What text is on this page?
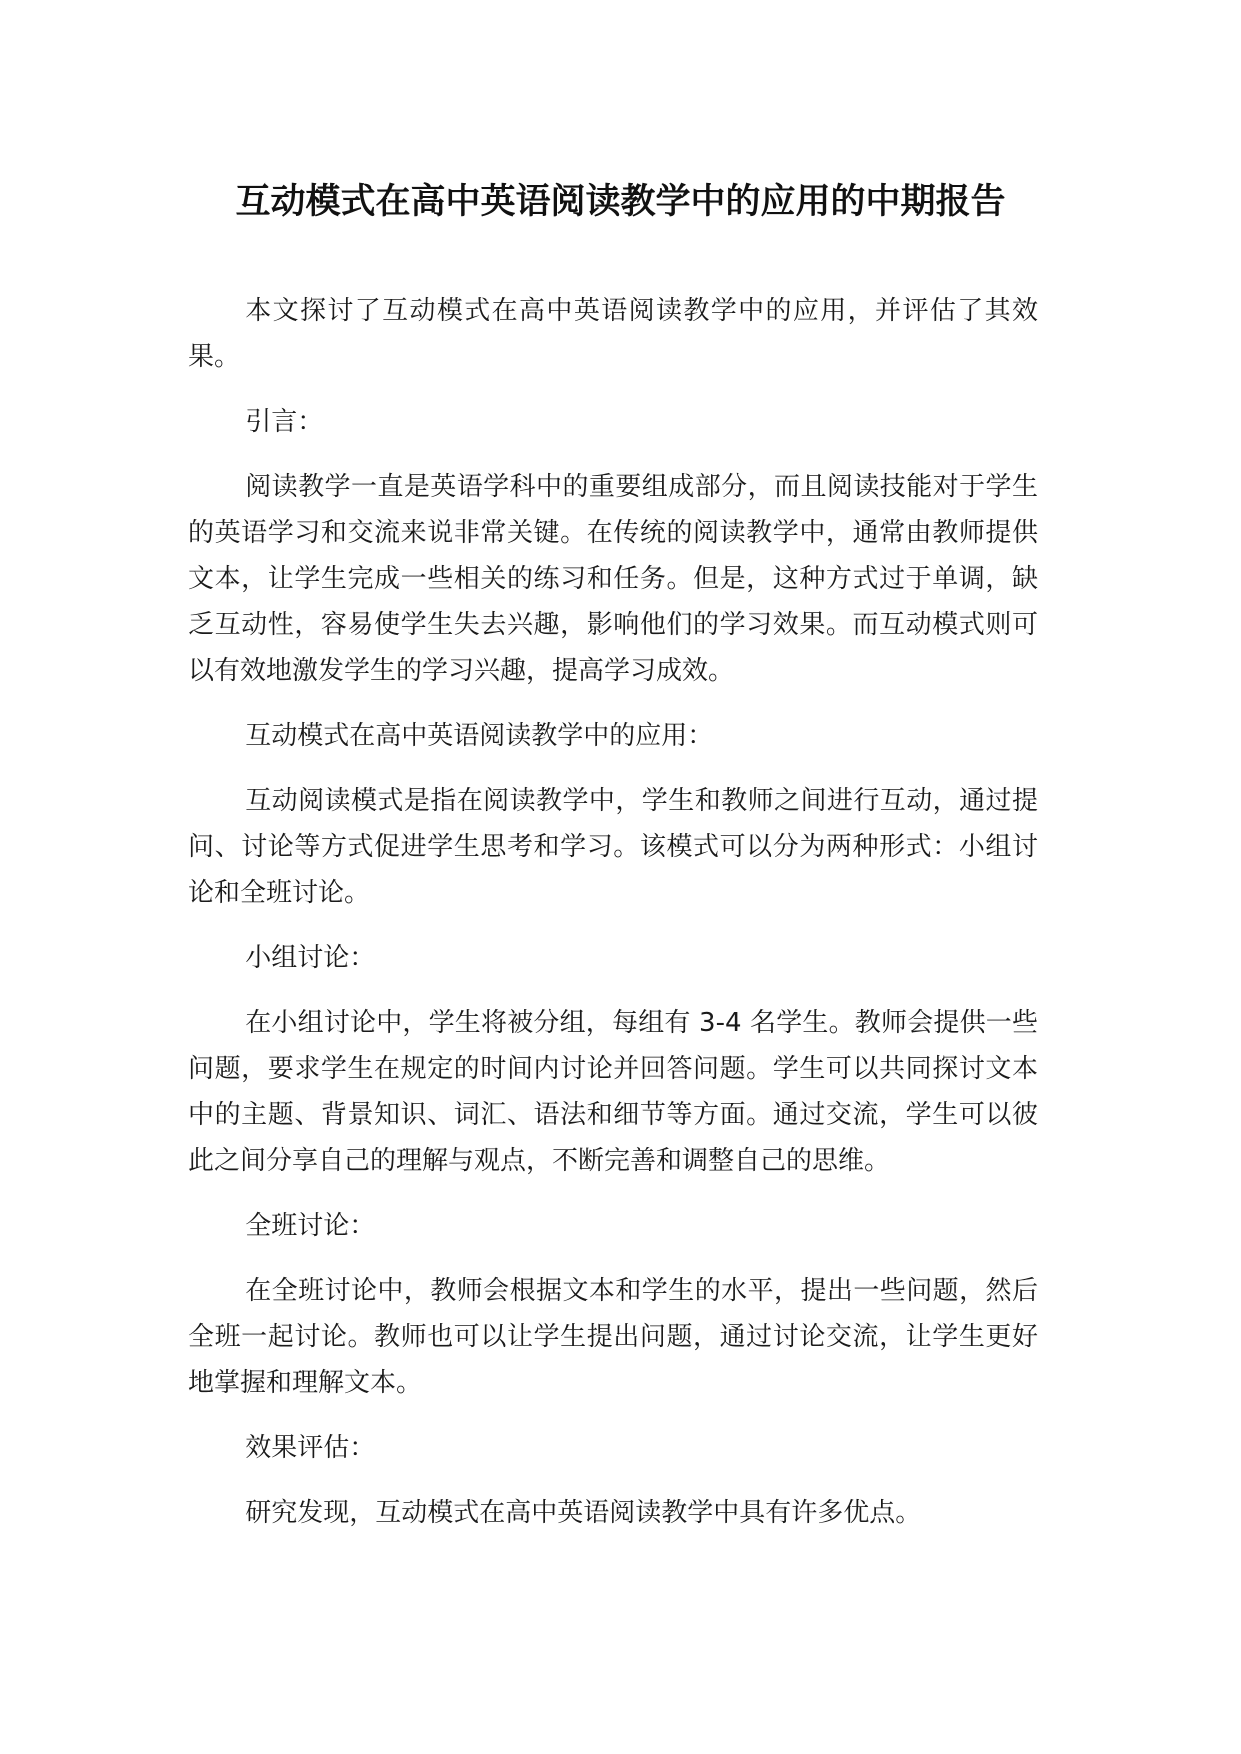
互动模式在高中英语阅读教学中的应用的中期报告

本文探讨了互动模式在高中英语阅读教学中的应用，并评估了其效果。

引言：

阅读教学一直是英语学科中的重要组成部分，而且阅读技能对于学生的英语学习和交流来说非常关键。在传统的阅读教学中，通常由教师提供文本，让学生完成一些相关的练习和任务。但是，这种方式过于单调，缺乏互动性，容易使学生失去兴趣，影响他们的学习效果。而互动模式则可以有效地激发学生的学习兴趣，提高学习成效。

互动模式在高中英语阅读教学中的应用：

互动阅读模式是指在阅读教学中，学生和教师之间进行互动，通过提问、讨论等方式促进学生思考和学习。该模式可以分为两种形式：小组讨论和全班讨论。

小组讨论：

在小组讨论中，学生将被分组，每组有 3-4 名学生。教师会提供一些问题，要求学生在规定的时间内讨论并回答问题。学生可以共同探讨文本中的主题、背景知识、词汇、语法和细节等方面。通过交流，学生可以彼此之间分享自己的理解与观点，不断完善和调整自己的思维。

全班讨论：

在全班讨论中，教师会根据文本和学生的水平，提出一些问题，然后全班一起讨论。教师也可以让学生提出问题，通过讨论交流，让学生更好地掌握和理解文本。

效果评估：

研究发现，互动模式在高中英语阅读教学中具有许多优点。
